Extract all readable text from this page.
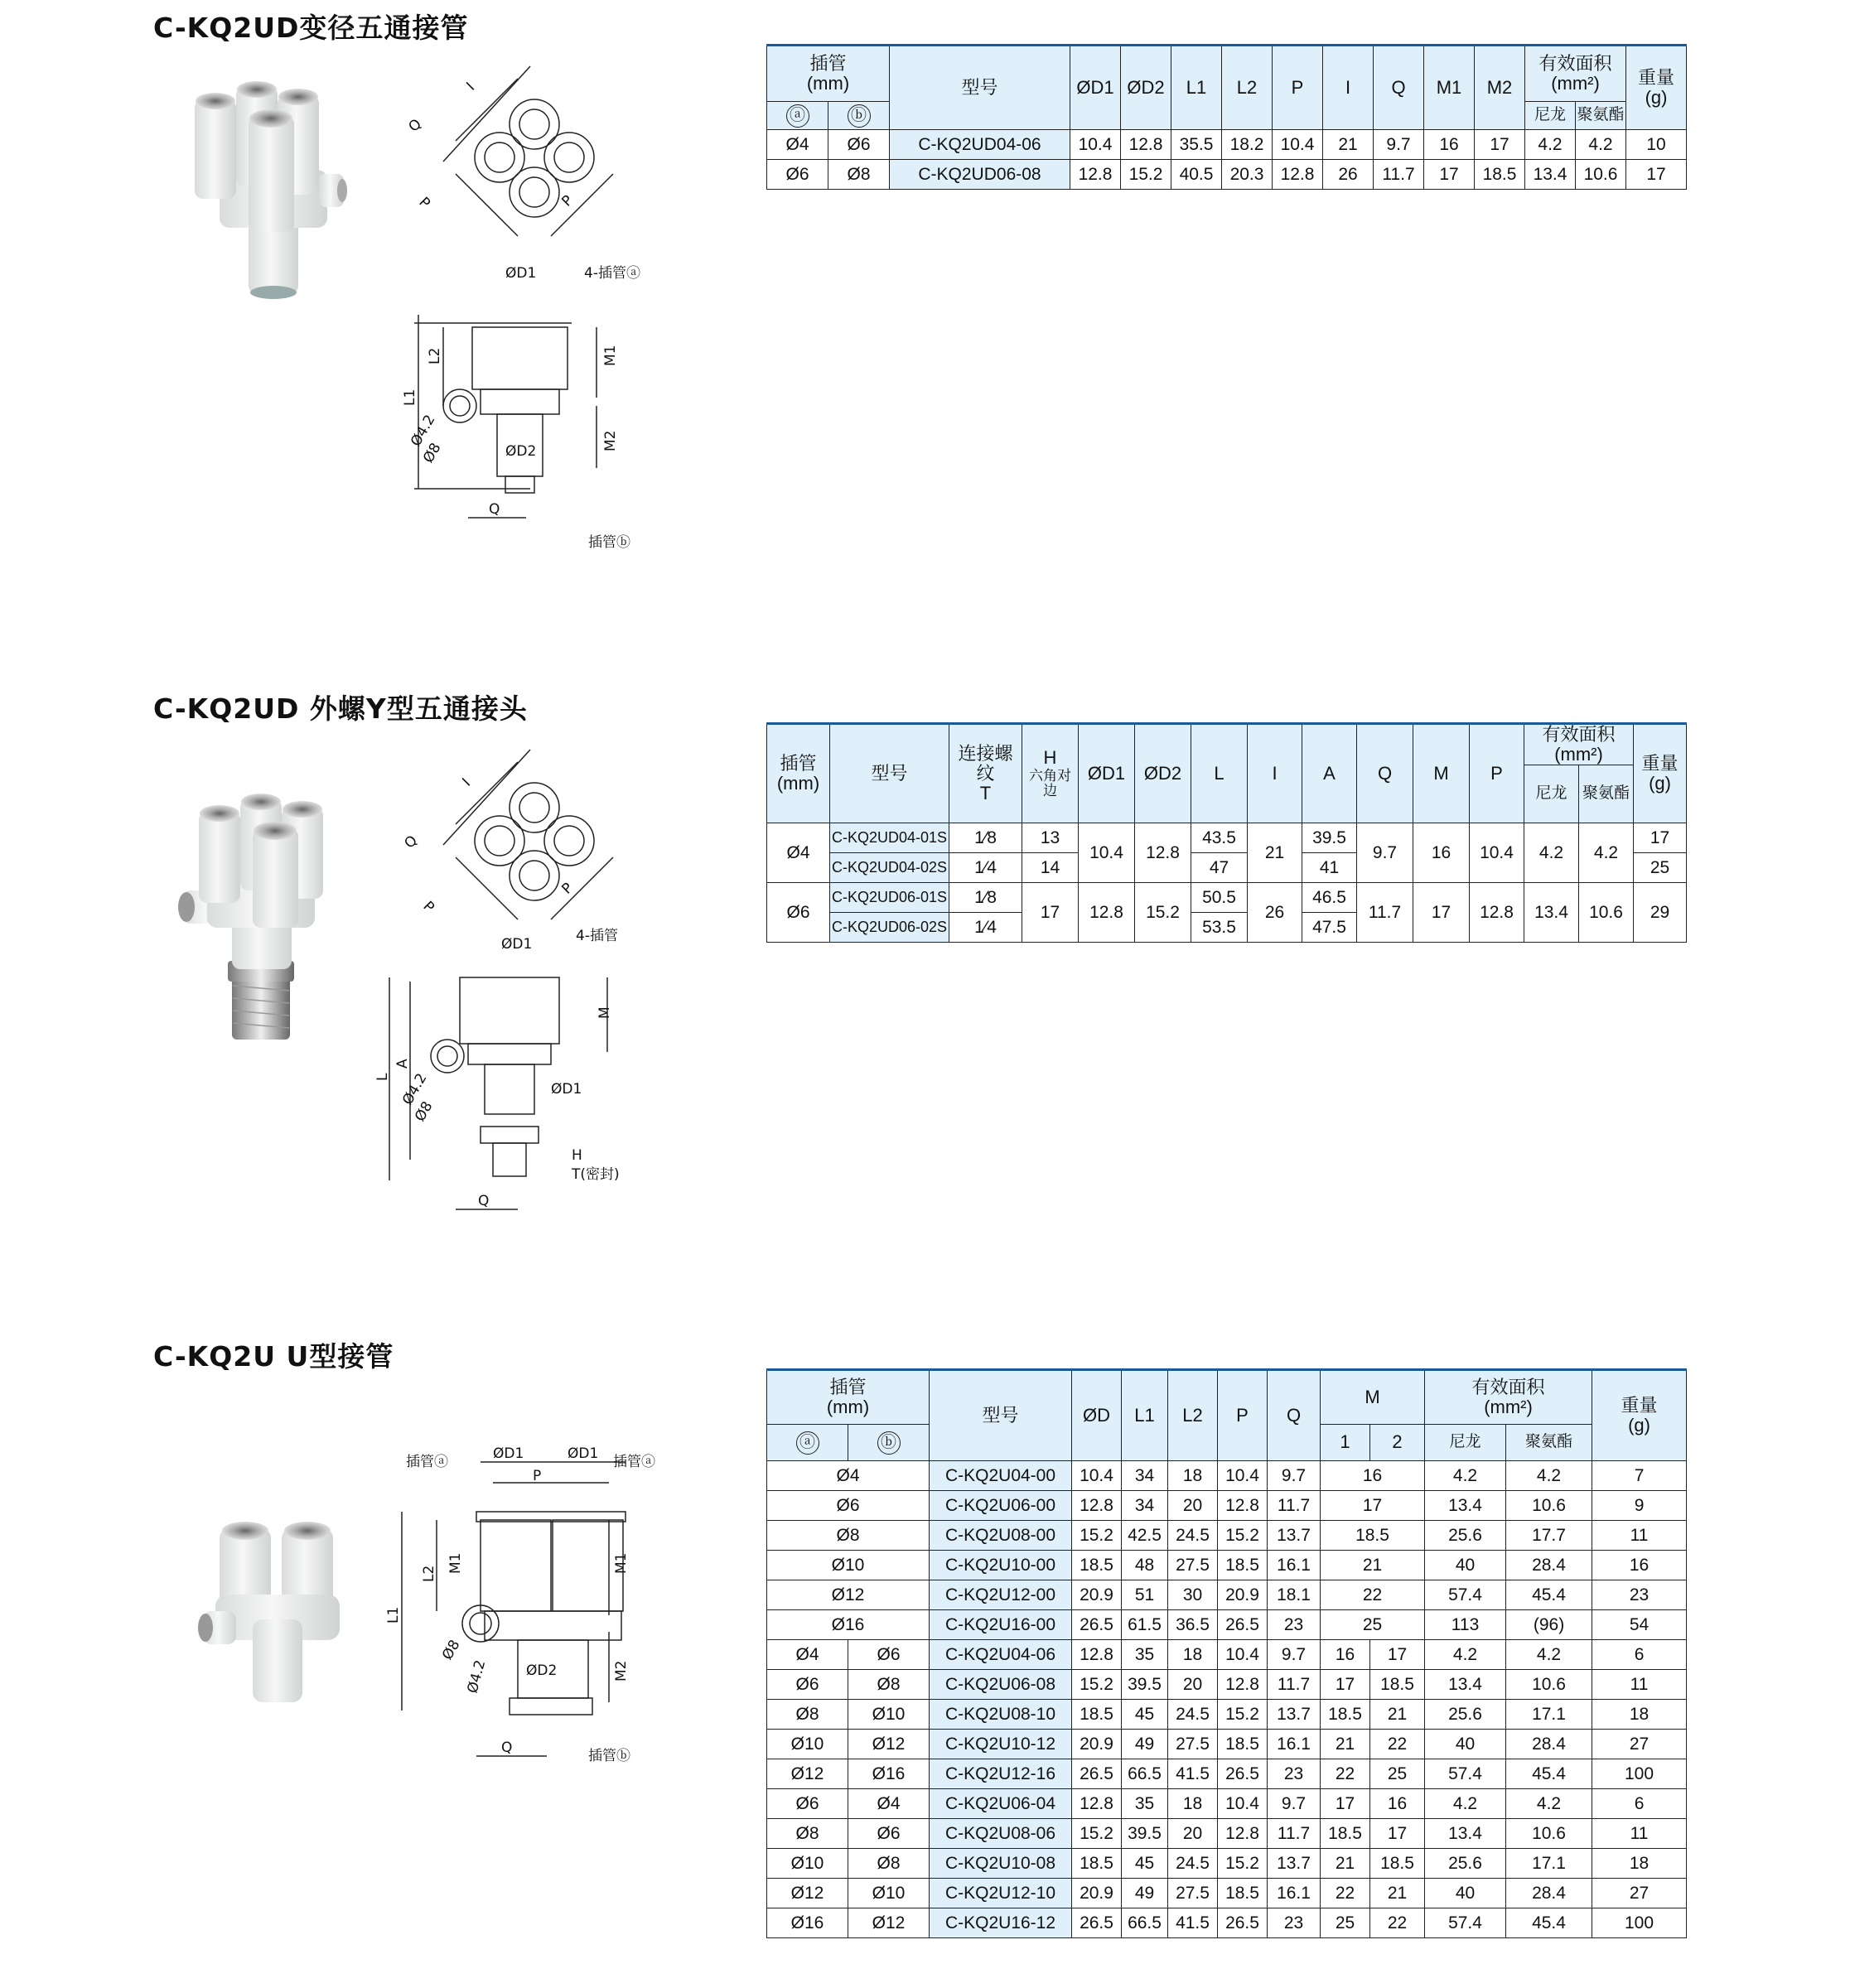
C-KQ2UD变径五通接管
Q
P
I
P
ØD1	4-插管ⓐ
L2
L1
M1
M2
Ø4.2
Ø8	ØD2
Q
插管ⓑ
插管
(mm)		型号	ØD1	ØD2	L1	L2	P	I	Q	M1	M2	有效面积
(mm²)		重量
(g)
ⓐ	ⓑ											尼龙	聚氨酯	
Ø4	Ø6	C-KQ2UD04-06	10.4	12.8	35.5	18.2	10.4	21	9.7	16	17	4.2	4.2	10
Ø6	Ø8	C-KQ2UD06-08	12.8	15.2	40.5	20.3	12.8	26	11.7	17	18.5	13.4	10.6	17
C-KQ2UD 外螺Y型五通接头
Q
P
I
P
ØD1	4-插管
M
L
A
Ø4.2
Ø8
ØD1
H
T(密封)
Q
插管
(mm)	型号	连接螺纹
T	H
六角对边	ØD1	ØD2	L	I	A	Q	M	P	有效面积
(mm²)		重量
(g)
												尼龙	聚氨酯	
Ø4	C-KQ2UD04-01S	1⁄8	13	10.4	12.8	43.5	21	39.5	9.7	16	10.4	4.2	4.2	17
	C-KQ2UD04-02S	1⁄4	14			47		41						25
Ø6	C-KQ2UD06-01S	1⁄8	17	12.8	15.2	50.5	26	46.5	11.7	17	12.8	13.4	10.6	29
	C-KQ2UD06-02S	1⁄4				53.5		47.5						
C-KQ2U U型接管
插管ⓐ	ØD1	ØD1 插管ⓐ
P
L2
L1
M1	M1
M2
Ø8
Ø4.2	ØD2
Q	插管ⓑ
插管
(mm)		型号	ØD	L1	L2	P	Q	M		有效面积
(mm²)		重量
(g)
ⓐ	ⓑ							1	2	尼龙	聚氨酯	
Ø4		C-KQ2U04-00	10.4	34	18	10.4	9.7	16		4.2	4.2	7
Ø6		C-KQ2U06-00	12.8	34	20	12.8	11.7	17		13.4	10.6	9
Ø8		C-KQ2U08-00	15.2	42.5	24.5	15.2	13.7	18.5		25.6	17.7	11
Ø10		C-KQ2U10-00	18.5	48	27.5	18.5	16.1	21		40	28.4	16
Ø12		C-KQ2U12-00	20.9	51	30	20.9	18.1	22		57.4	45.4	23
Ø16		C-KQ2U16-00	26.5	61.5	36.5	26.5	23	25		113	(96)	54
Ø4	Ø6	C-KQ2U04-06	12.8	35	18	10.4	9.7	16	17	4.2	4.2	6
Ø6	Ø8	C-KQ2U06-08	15.2	39.5	20	12.8	11.7	17	18.5	13.4	10.6	11
Ø8	Ø10	C-KQ2U08-10	18.5	45	24.5	15.2	13.7	18.5	21	25.6	17.1	18
Ø10	Ø12	C-KQ2U10-12	20.9	49	27.5	18.5	16.1	21	22	40	28.4	27
Ø12	Ø16	C-KQ2U12-16	26.5	66.5	41.5	26.5	23	22	25	57.4	45.4	100
Ø6	Ø4	C-KQ2U06-04	12.8	35	18	10.4	9.7	17	16	4.2	4.2	6
Ø8	Ø6	C-KQ2U08-06	15.2	39.5	20	12.8	11.7	18.5	17	13.4	10.6	11
Ø10	Ø8	C-KQ2U10-08	18.5	45	24.5	15.2	13.7	21	18.5	25.6	17.1	18
Ø12	Ø10	C-KQ2U12-10	20.9	49	27.5	18.5	16.1	22	21	40	28.4	27
Ø16	Ø12	C-KQ2U16-12	26.5	66.5	41.5	26.5	23	25	22	57.4	45.4	100
